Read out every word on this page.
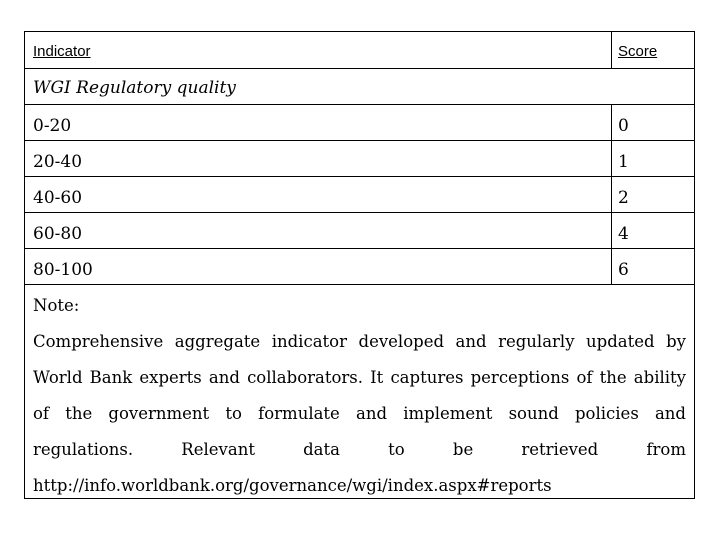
Indicator	Score
WGI Regulatory quality
0-20	0
20-40	1
40-60	2
60-80	4
80-100	6

Note:

Comprehensive aggregate indicator developed and regularly updated by World Bank experts and collaborators. It captures perceptions of the ability of the government to formulate and implement sound policies and regulations. Relevant data to be retrieved from

http://info.worldbank.org/governance/wgi/index.aspx#reports
